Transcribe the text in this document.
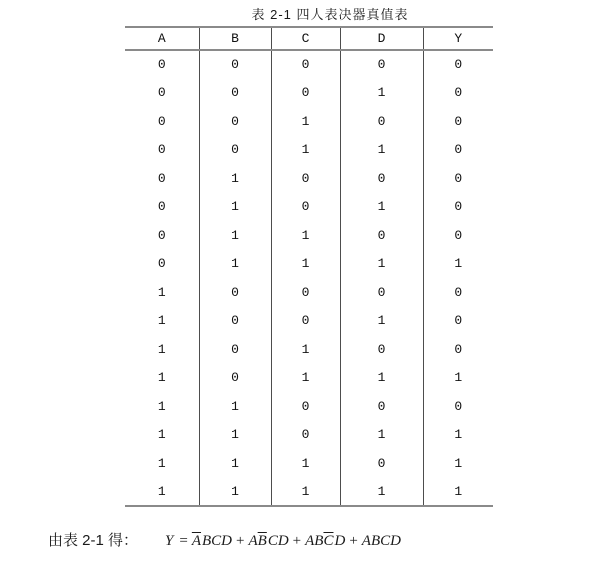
表 2-1 四人表决器真值表
A	B	C	D	Y
0	0	0	0	0
0	0	0	1	0
0	0	1	0	0
0	0	1	1	0
0	1	0	0	0
0	1	0	1	0
0	1	1	0	0
0	1	1	1	1
1	0	0	0	0
1	0	0	1	0
1	0	1	0	0
1	0	1	1	1
1	1	0	0	0
1	1	0	1	1
1	1	1	0	1
1	1	1	1	1
由表 2-1 得： $Y = \overline{A}BCD + A\overline{B}CD + AB\overline{C}D$ + ABCD
